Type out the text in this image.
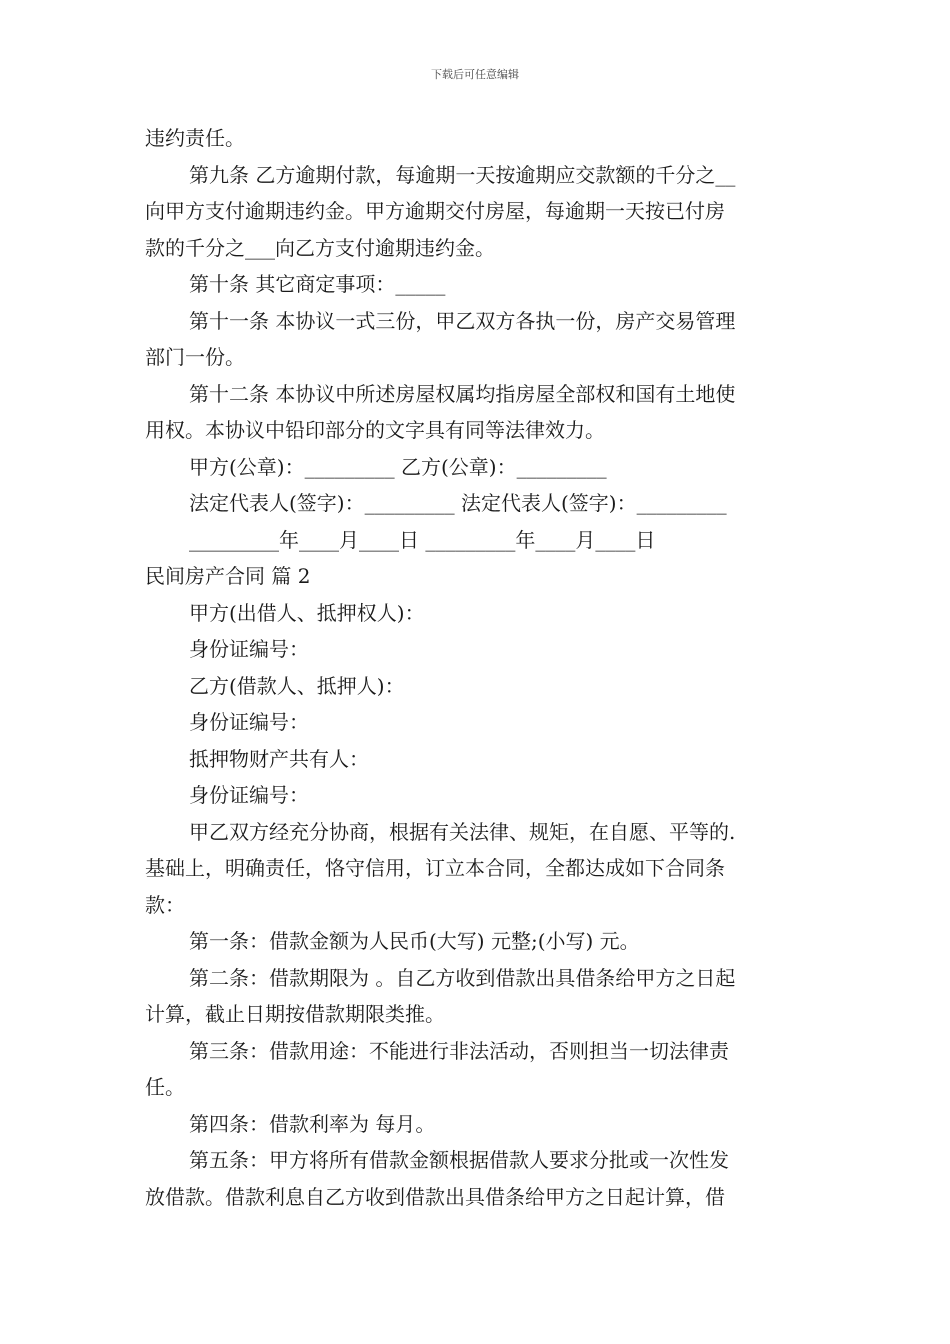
下载后可任意编辑
违约责任。
第九条 乙方逾期付款，每逾期一天按逾期应交款额的千分之__
向甲方支付逾期违约金。甲方逾期交付房屋，每逾期一天按已付房
款的千分之___向乙方支付逾期违约金。
第十条 其它商定事项：_____
第十一条 本协议一式三份，甲乙双方各执一份，房产交易管理
部门一份。
第十二条 本协议中所述房屋权属均指房屋全部权和国有土地使
用权。本协议中铅印部分的文字具有同等法律效力。
甲方(公章)：_________ 乙方(公章)：_________
法定代表人(签字)：_________ 法定代表人(签字)：_________
_________年____月____日 _________年____月____日
民间房产合同 篇 2
甲方(出借人、抵押权人)：
身份证编号：
乙方(借款人、抵押人)：
身份证编号：
抵押物财产共有人：
身份证编号：
甲乙双方经充分协商，根据有关法律、规矩，在自愿、平等的.
基础上，明确责任，恪守信用，订立本合同，全都达成如下合同条
款：
第一条：借款金额为人民币(大写) 元整;(小写) 元。
第二条：借款期限为 。自乙方收到借款出具借条给甲方之日起
计算，截止日期按借款期限类推。
第三条：借款用途：不能进行非法活动，否则担当一切法律责
任。
第四条：借款利率为 每月。
第五条：甲方将所有借款金额根据借款人要求分批或一次性发
放借款。借款利息自乙方收到借款出具借条给甲方之日起计算，借
